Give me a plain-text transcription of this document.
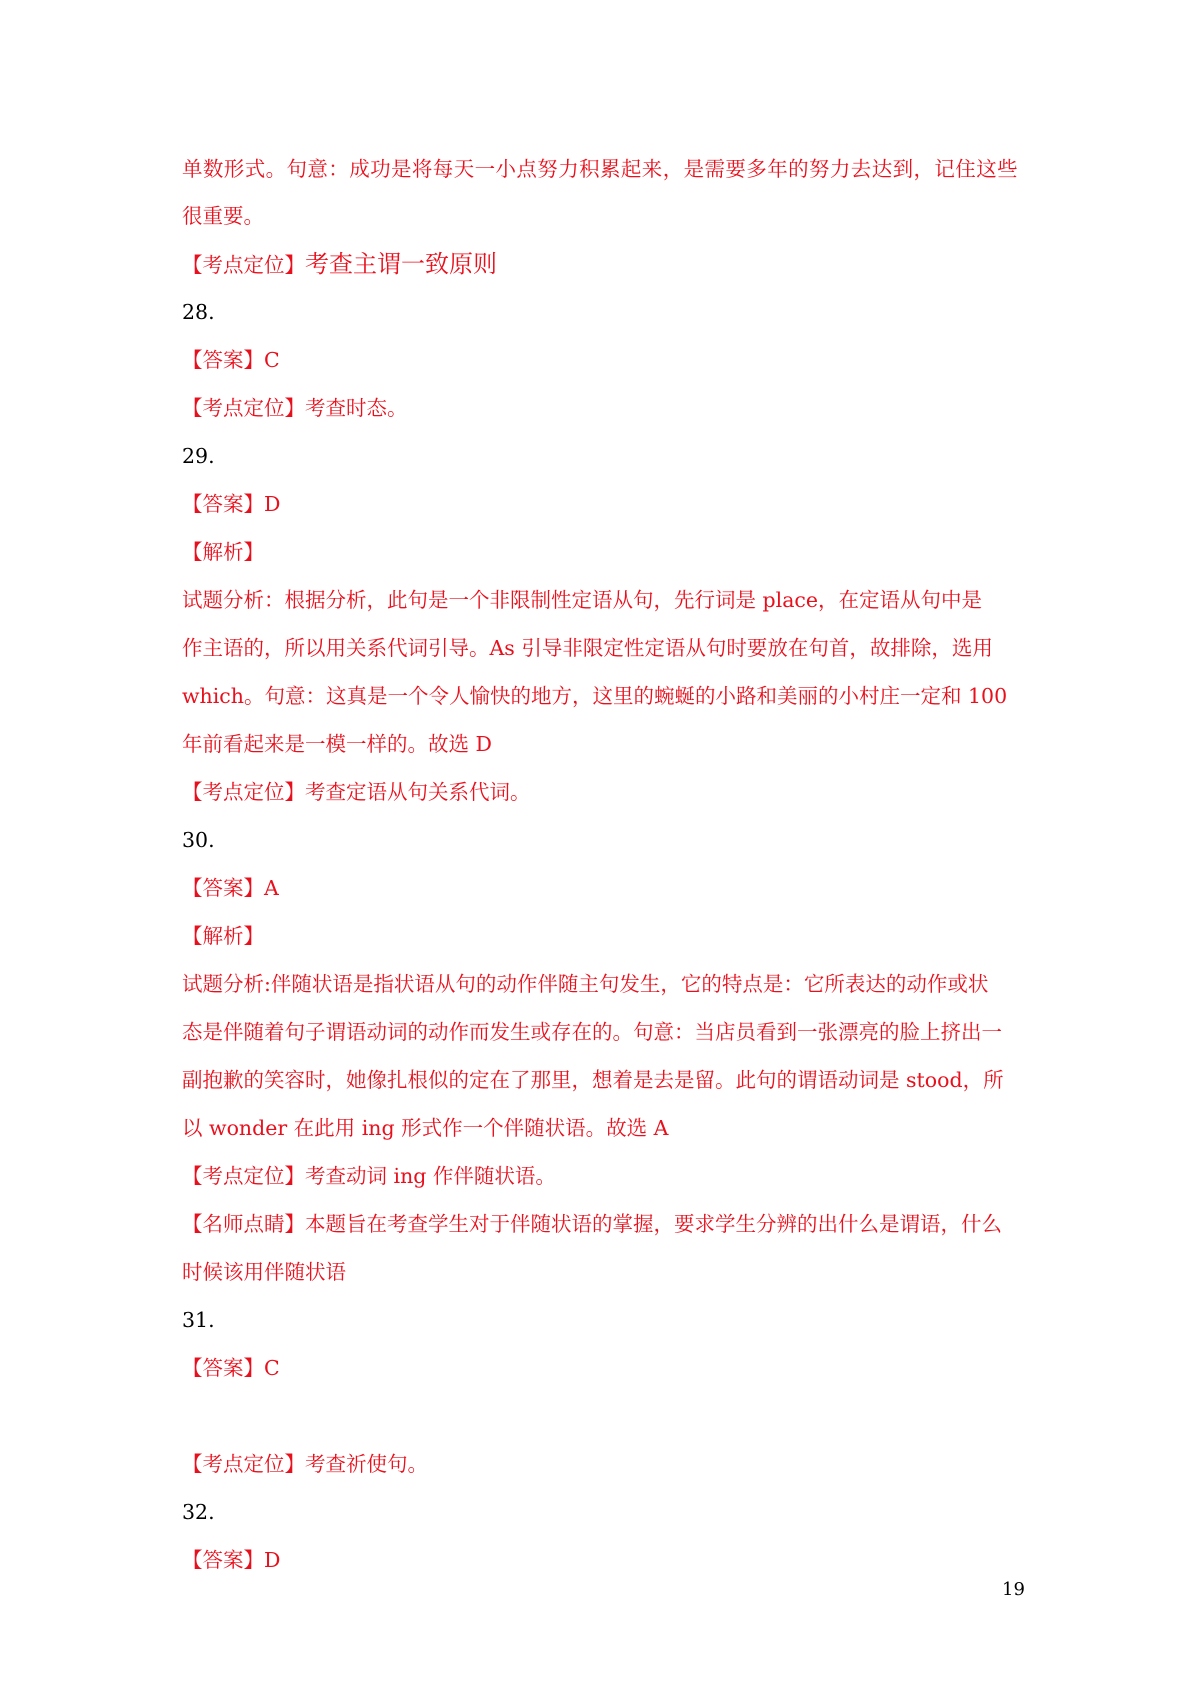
单数形式。句意：成功是将每天一小点努力积累起来，是需要多年的努力去达到，记住这些
很重要。
【考点定位】考查主谓一致原则
28.
【答案】C
【考点定位】考查时态。
29.
【答案】D
【解析】
试题分析：根据分析，此句是一个非限制性定语从句，先行词是 place，在定语从句中是
作主语的，所以用关系代词引导。As 引导非限定性定语从句时要放在句首，故排除，选用
which。句意：这真是一个令人愉快的地方，这里的蜿蜒的小路和美丽的小村庄一定和 100
年前看起来是一模一样的。故选 D
【考点定位】考查定语从句关系代词。
30.
【答案】A
【解析】
试题分析:伴随状语是指状语从句的动作伴随主句发生，它的特点是：它所表达的动作或状
态是伴随着句子谓语动词的动作而发生或存在的。句意：当店员看到一张漂亮的脸上挤出一
副抱歉的笑容时，她像扎根似的定在了那里，想着是去是留。此句的谓语动词是 stood，所
以 wonder 在此用 ing 形式作一个伴随状语。故选 A
【考点定位】考查动词 ing 作伴随状语。
【名师点睛】本题旨在考查学生对于伴随状语的掌握，要求学生分辨的出什么是谓语，什么
时候该用伴随状语
31.
【答案】C
【考点定位】考查祈使句。
32.
【答案】D
19
